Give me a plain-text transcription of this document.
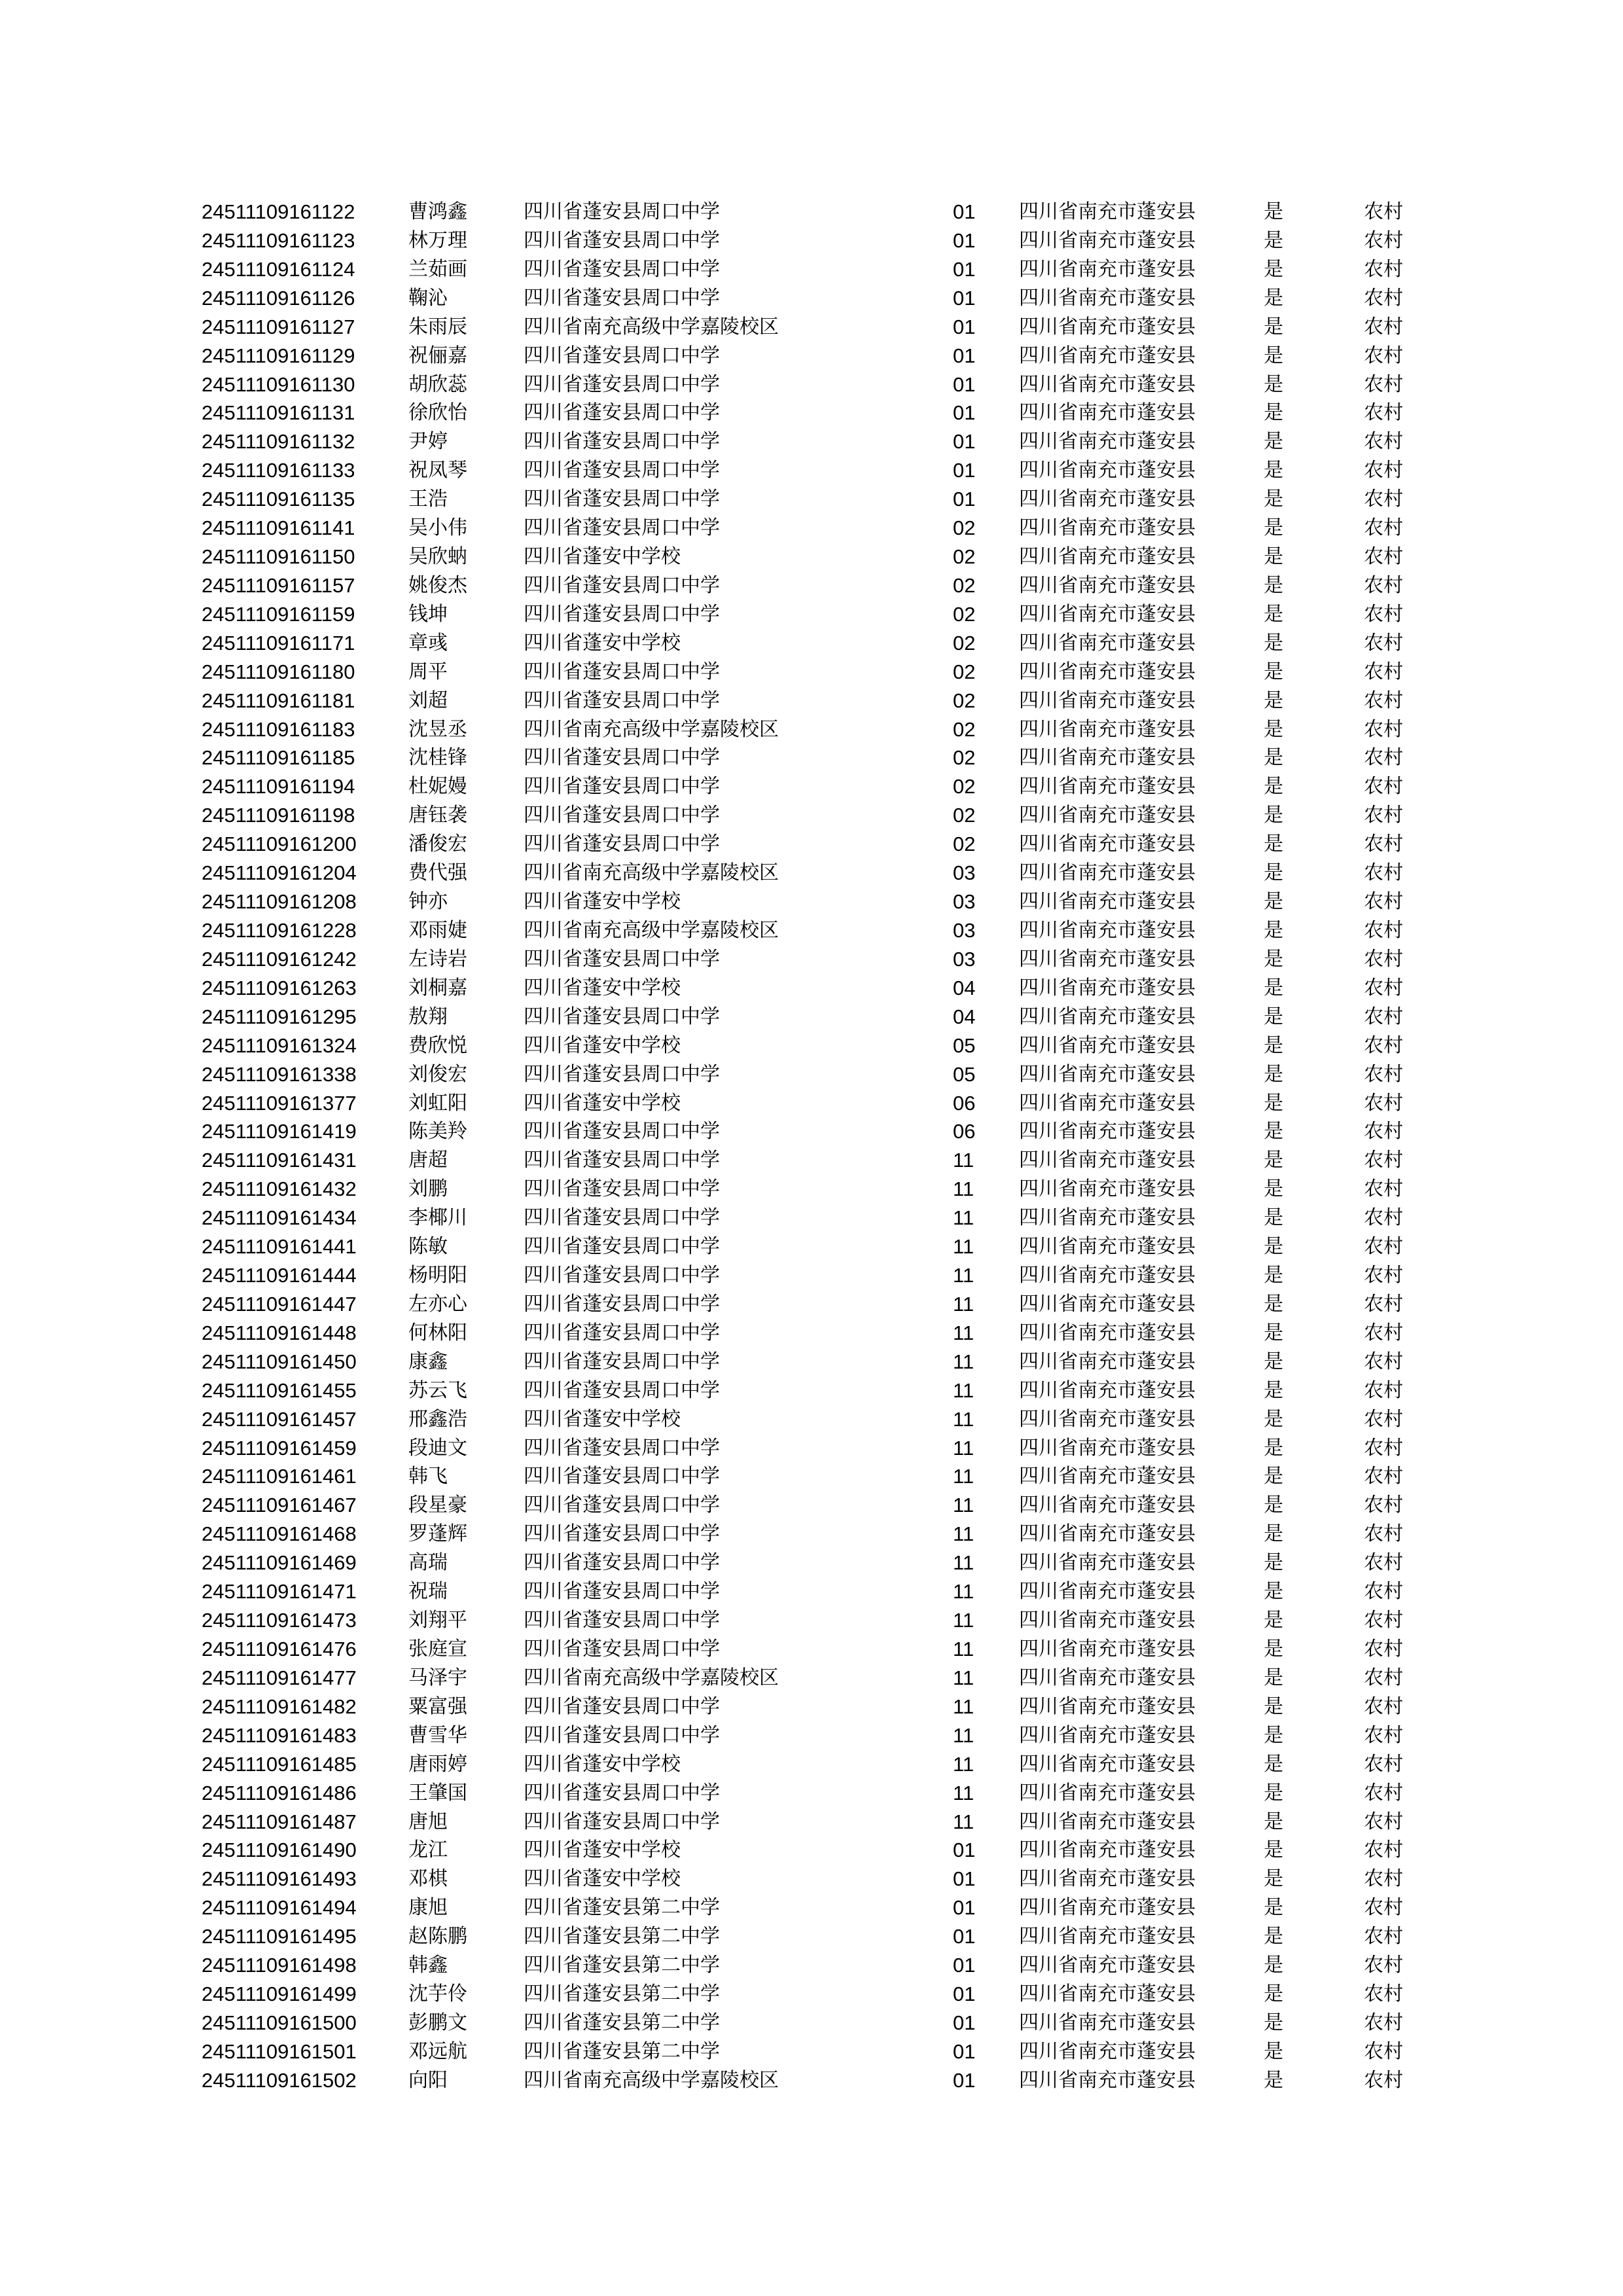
24511109161122	曹鸿鑫	四川省蓬安县周口中学	01 四川省南充市蓬安县	是	农村
24511109161123	林万理	四川省蓬安县周口中学	01 四川省南充市蓬安县	是	农村
24511109161124	兰茹画	四川省蓬安县周口中学	01 四川省南充市蓬安县	是	农村
24511109161126	鞠沁	四川省蓬安县周口中学	01 四川省南充市蓬安县	是	农村
24511109161127	朱雨辰	四川省南充高级中学嘉陵校区	01 四川省南充市蓬安县	是	农村
24511109161129	祝俪嘉	四川省蓬安县周口中学	01 四川省南充市蓬安县	是	农村
24511109161130	胡欣蕊	四川省蓬安县周口中学	01 四川省南充市蓬安县	是	农村
24511109161131	徐欣怡	四川省蓬安县周口中学	01 四川省南充市蓬安县	是	农村
24511109161132	尹婷	四川省蓬安县周口中学	01 四川省南充市蓬安县	是	农村
24511109161133	祝凤琴	四川省蓬安县周口中学	01 四川省南充市蓬安县	是	农村
24511109161135	王浩	四川省蓬安县周口中学	01 四川省南充市蓬安县	是	农村
24511109161141	吴小伟	四川省蓬安县周口中学	02 四川省南充市蓬安县	是	农村
24511109161150	吴欣蚋	四川省蓬安中学校	02 四川省南充市蓬安县	是	农村
24511109161157	姚俊杰	四川省蓬安县周口中学	02 四川省南充市蓬安县	是	农村
24511109161159	钱坤	四川省蓬安县周口中学	02 四川省南充市蓬安县	是	农村
24511109161171	章彧	四川省蓬安中学校	02 四川省南充市蓬安县	是	农村
24511109161180	周平	四川省蓬安县周口中学	02 四川省南充市蓬安县	是	农村
24511109161181	刘超	四川省蓬安县周口中学	02 四川省南充市蓬安县	是	农村
24511109161183	沈昱丞	四川省南充高级中学嘉陵校区	02 四川省南充市蓬安县	是	农村
24511109161185	沈桂锋	四川省蓬安县周口中学	02 四川省南充市蓬安县	是	农村
24511109161194	杜妮嫚	四川省蓬安县周口中学	02 四川省南充市蓬安县	是	农村
24511109161198	唐钰袭	四川省蓬安县周口中学	02 四川省南充市蓬安县	是	农村
24511109161200	潘俊宏	四川省蓬安县周口中学	02 四川省南充市蓬安县	是	农村
24511109161204	费代强	四川省南充高级中学嘉陵校区	03 四川省南充市蓬安县	是	农村
24511109161208	钟亦	四川省蓬安中学校	03 四川省南充市蓬安县	是	农村
24511109161228	邓雨婕	四川省南充高级中学嘉陵校区	03 四川省南充市蓬安县	是	农村
24511109161242	左诗岩	四川省蓬安县周口中学	03 四川省南充市蓬安县	是	农村
24511109161263	刘桐嘉	四川省蓬安中学校	04 四川省南充市蓬安县	是	农村
24511109161295	敖翔	四川省蓬安县周口中学	04 四川省南充市蓬安县	是	农村
24511109161324	费欣悦	四川省蓬安中学校	05 四川省南充市蓬安县	是	农村
24511109161338	刘俊宏	四川省蓬安县周口中学	05 四川省南充市蓬安县	是	农村
24511109161377	刘虹阳	四川省蓬安中学校	06 四川省南充市蓬安县	是	农村
24511109161419	陈美羚	四川省蓬安县周口中学	06 四川省南充市蓬安县	是	农村
24511109161431	唐超	四川省蓬安县周口中学	11 四川省南充市蓬安县	是	农村
24511109161432	刘鹏	四川省蓬安县周口中学	11 四川省南充市蓬安县	是	农村
24511109161434	李椰川	四川省蓬安县周口中学	11 四川省南充市蓬安县	是	农村
24511109161441	陈敏	四川省蓬安县周口中学	11 四川省南充市蓬安县	是	农村
24511109161444	杨明阳	四川省蓬安县周口中学	11 四川省南充市蓬安县	是	农村
24511109161447	左亦心	四川省蓬安县周口中学	11 四川省南充市蓬安县	是	农村
24511109161448	何林阳	四川省蓬安县周口中学	11 四川省南充市蓬安县	是	农村
24511109161450	康鑫	四川省蓬安县周口中学	11 四川省南充市蓬安县	是	农村
24511109161455	苏云飞	四川省蓬安县周口中学	11 四川省南充市蓬安县	是	农村
24511109161457	邢鑫浩	四川省蓬安中学校	11 四川省南充市蓬安县	是	农村
24511109161459	段迪文	四川省蓬安县周口中学	11 四川省南充市蓬安县	是	农村
24511109161461	韩飞	四川省蓬安县周口中学	11 四川省南充市蓬安县	是	农村
24511109161467	段星豪	四川省蓬安县周口中学	11 四川省南充市蓬安县	是	农村
24511109161468	罗蓬辉	四川省蓬安县周口中学	11 四川省南充市蓬安县	是	农村
24511109161469	高瑞	四川省蓬安县周口中学	11 四川省南充市蓬安县	是	农村
24511109161471	祝瑞	四川省蓬安县周口中学	11 四川省南充市蓬安县	是	农村
24511109161473	刘翔平	四川省蓬安县周口中学	11 四川省南充市蓬安县	是	农村
24511109161476	张庭宣	四川省蓬安县周口中学	11 四川省南充市蓬安县	是	农村
24511109161477	马泽宇	四川省南充高级中学嘉陵校区	11 四川省南充市蓬安县	是	农村
24511109161482	粟富强	四川省蓬安县周口中学	11 四川省南充市蓬安县	是	农村
24511109161483	曹雪华	四川省蓬安县周口中学	11 四川省南充市蓬安县	是	农村
24511109161485	唐雨婷	四川省蓬安中学校	11 四川省南充市蓬安县	是	农村
24511109161486	王肇国	四川省蓬安县周口中学	11 四川省南充市蓬安县	是	农村
24511109161487	唐旭	四川省蓬安县周口中学	11 四川省南充市蓬安县	是	农村
24511109161490	龙江	四川省蓬安中学校	01 四川省南充市蓬安县	是	农村
24511109161493	邓棋	四川省蓬安中学校	01 四川省南充市蓬安县	是	农村
24511109161494	康旭	四川省蓬安县第二中学	01 四川省南充市蓬安县	是	农村
24511109161495	赵陈鹏	四川省蓬安县第二中学	01 四川省南充市蓬安县	是	农村
24511109161498	韩鑫	四川省蓬安县第二中学	01 四川省南充市蓬安县	是	农村
24511109161499	沈芋伶	四川省蓬安县第二中学	01 四川省南充市蓬安县	是	农村
24511109161500	彭鹏文	四川省蓬安县第二中学	01 四川省南充市蓬安县	是	农村
24511109161501	邓远航	四川省蓬安县第二中学	01 四川省南充市蓬安县	是	农村
24511109161502	向阳	四川省南充高级中学嘉陵校区	01 四川省南充市蓬安县	是	农村
